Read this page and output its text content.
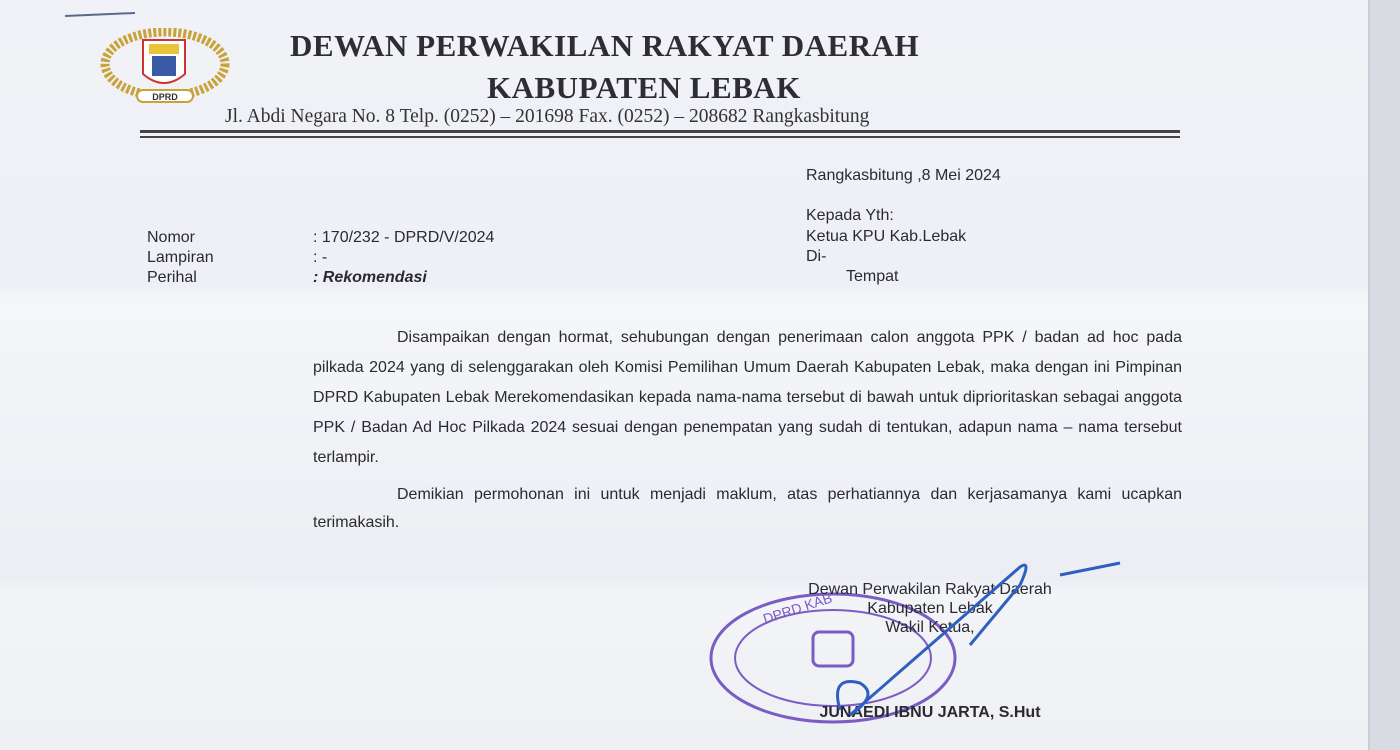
DPRD
DEWAN PERWAKILAN RAKYAT DAERAH
KABUPATEN LEBAK
Jl. Abdi Negara No. 8 Telp. (0252) – 201698 Fax. (0252) – 208682 Rangkasbitung
Rangkasbitung ,8 Mei 2024
Kepada Yth:
Ketua KPU Kab.Lebak
Di-
Tempat
Nomor	: 170/232 - DPRD/V/2024
Lampiran	: -
Perihal	: Rekomendasi

Disampaikan dengan hormat, sehubungan dengan penerimaan calon anggota PPK / badan ad hoc pada pilkada 2024 yang di selenggarakan oleh Komisi Pemilihan Umum Daerah Kabupaten Lebak, maka dengan ini Pimpinan DPRD Kabupaten Lebak Merekomendasikan kepada nama-nama tersebut di bawah untuk diprioritaskan sebagai anggota PPK / Badan Ad Hoc Pilkada 2024 sesuai dengan penempatan yang sudah di tentukan, adapun nama – nama tersebut terlampir.

Demikian permohonan ini untuk menjadi maklum, atas perhatiannya dan kerjasamanya kami ucapkan terimakasih.

DPRD KAB
Dewan Perwakilan Rakyat Daerah
Kabupaten Lebak
Wakil Ketua,
JUNAEDI IBNU JARTA, S.Hut
